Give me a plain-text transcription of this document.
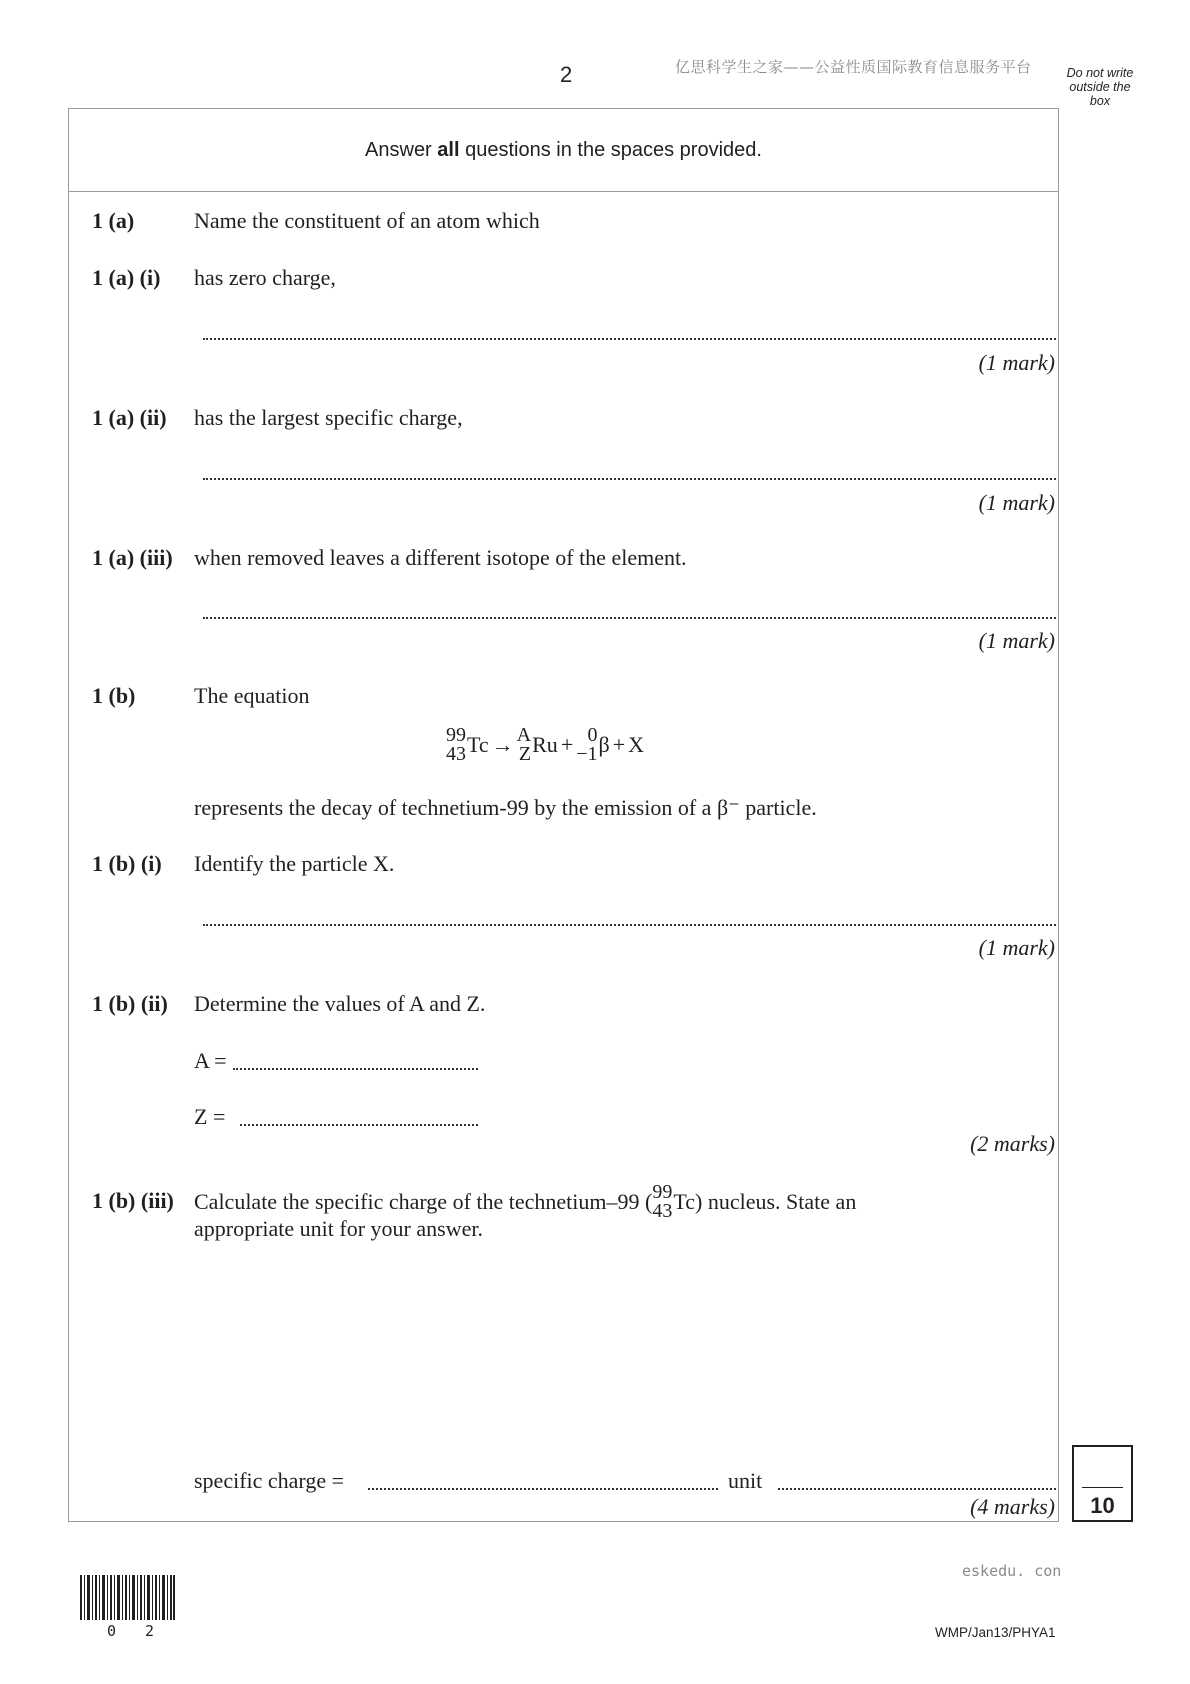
2	亿思科学生之家——公益性质国际教育信息服务平台	Do not write
outside the
box
Answer all questions in the spaces provided.
1 (a)	Name the constituent of an atom which
1 (a) (i) has zero charge,
(1 mark)
1 (a) (ii) has the largest specific charge,
(1 mark)
1 (a) (iii) when removed leaves a different isotope of the element.
(1 mark)
1 (b)	The equation
99
43 Tc → A
Z Ru + 0
−1 β + X
represents the decay of technetium-99 by the emission of a β⁻ particle.
1 (b) (i) Identify the particle X.
(1 mark)
1 (b) (ii) Determine the values of A and Z.
A =
Z =
(2 marks)
1 (b) (iii) Calculate the specific charge of the technetium–99 ( 99
43 Tc ) nucleus. State an
appropriate unit for your answer.
specific charge =	unit
(4 marks)	10
eskedu. con
0 2	WMP/Jan13/PHYA1
